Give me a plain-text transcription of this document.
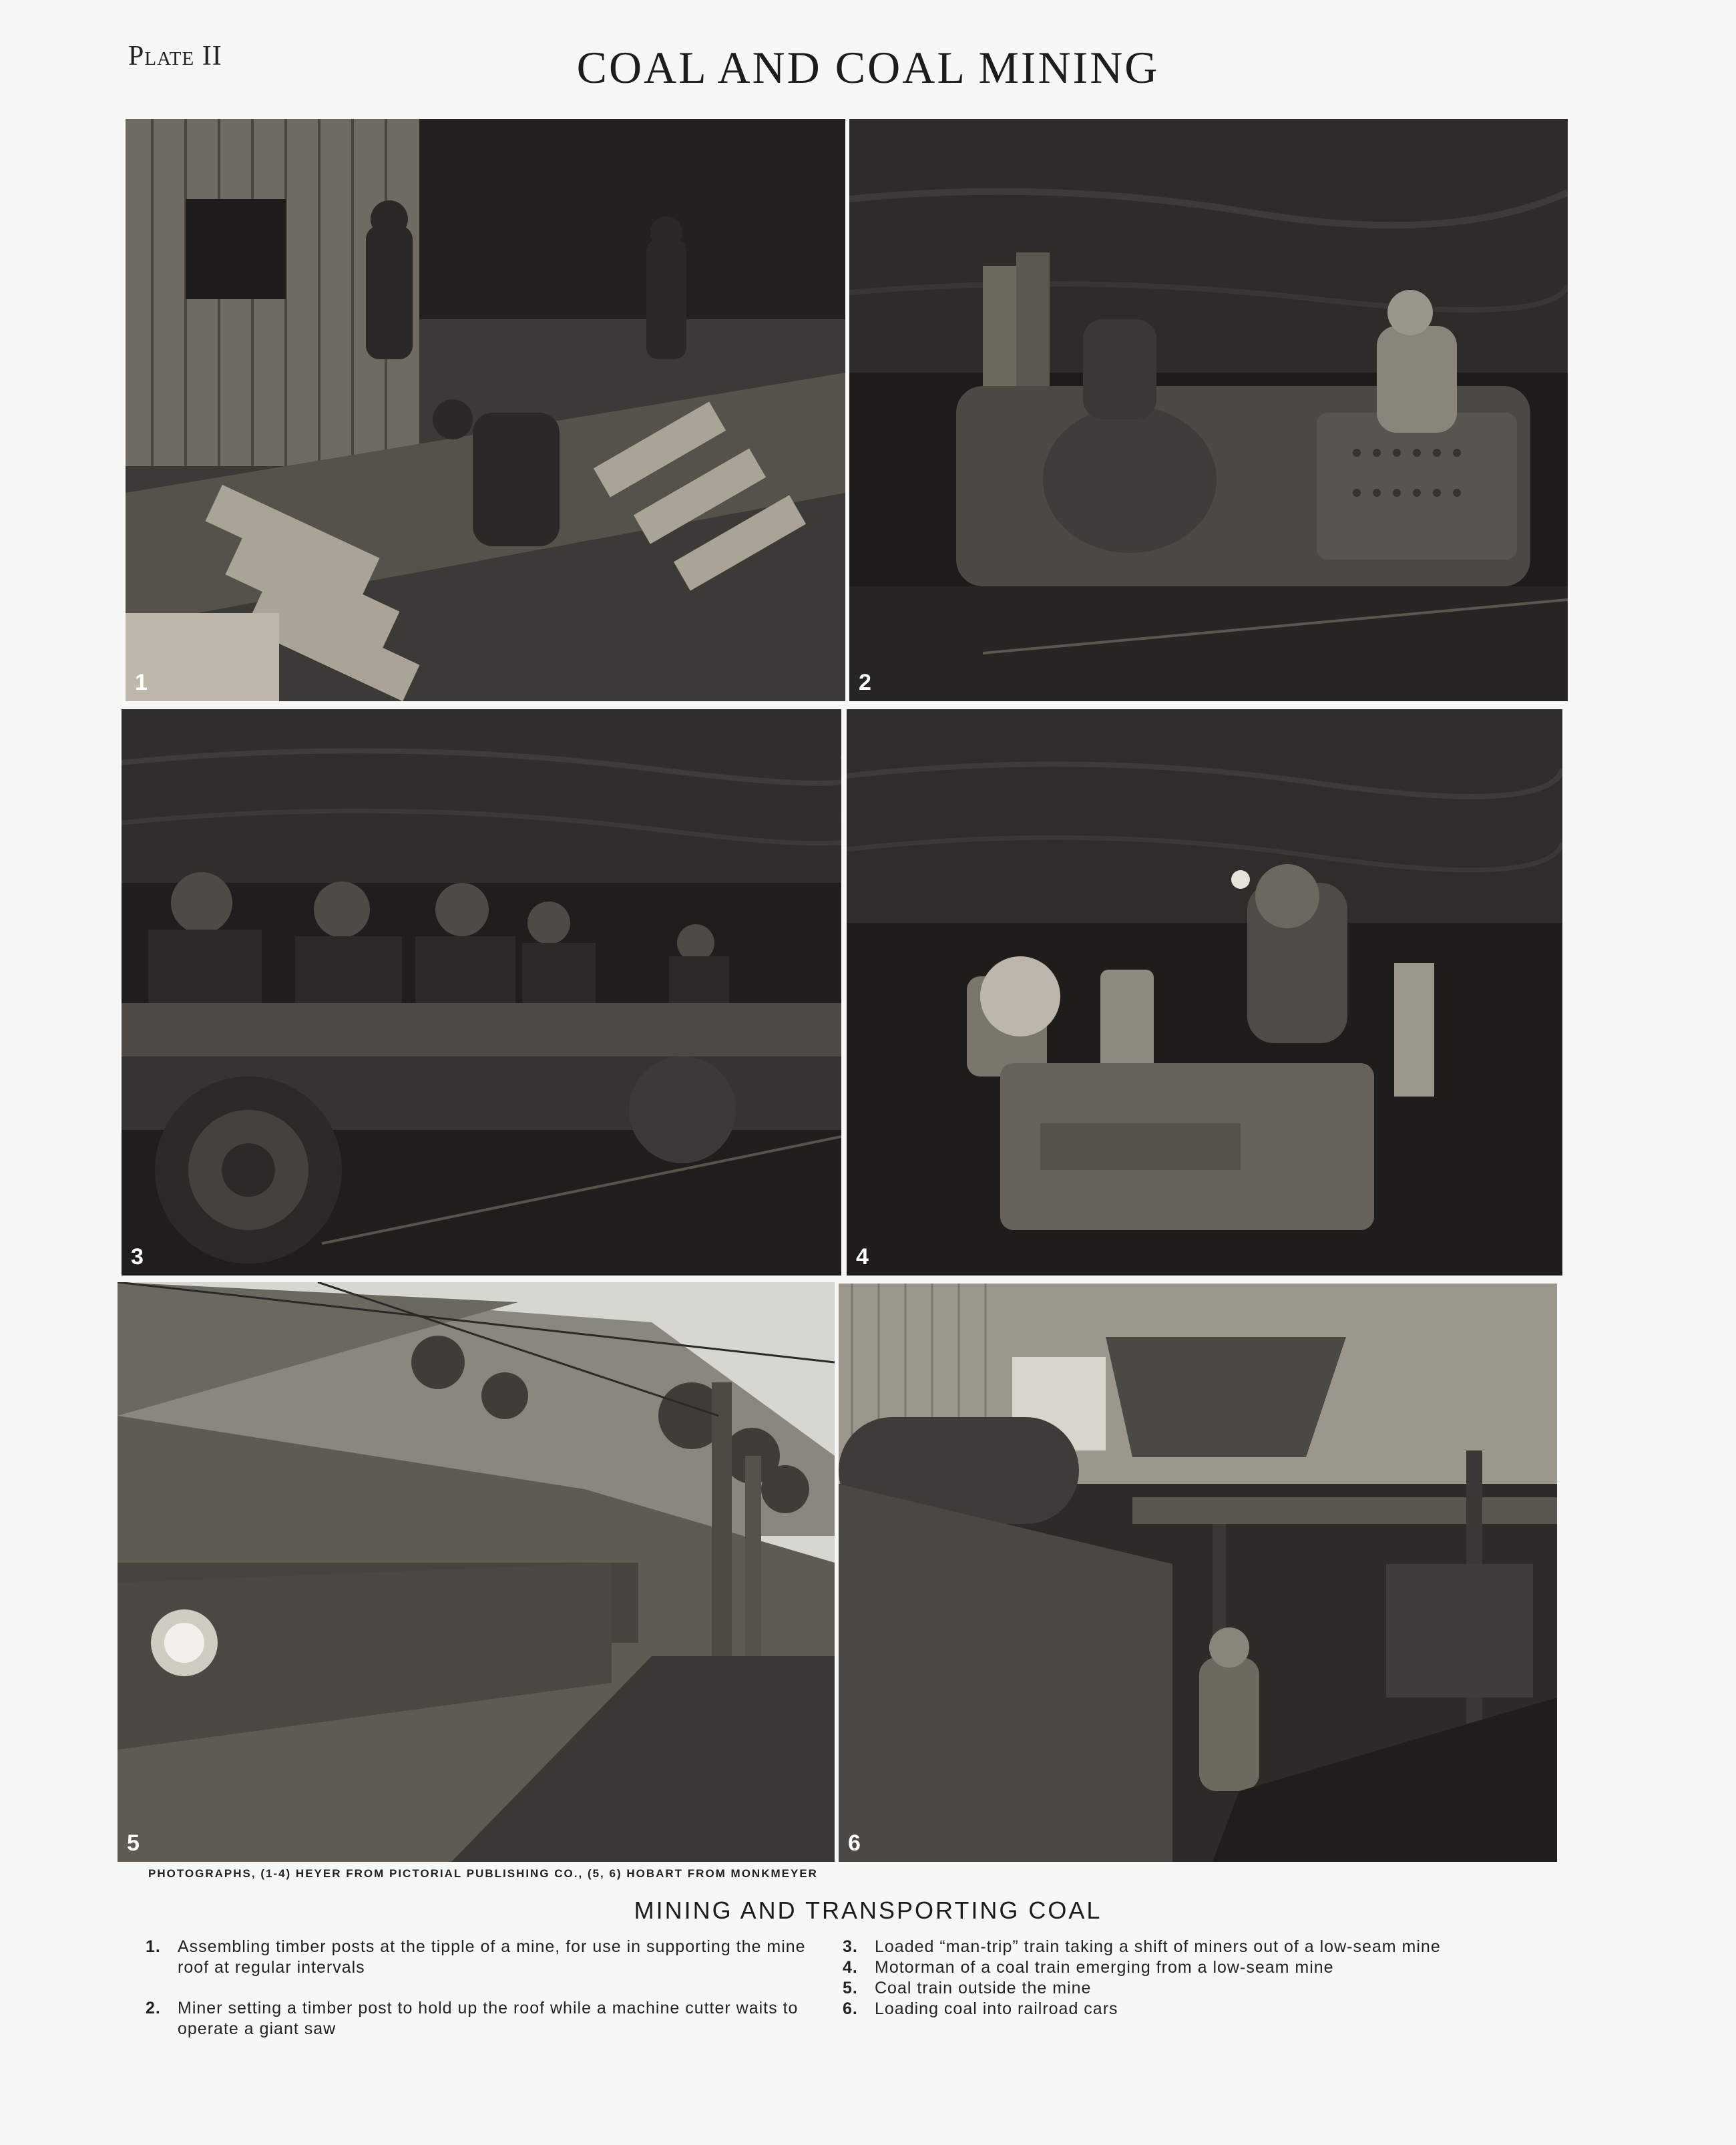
Plate II	COAL AND COAL MINING
1	2
3	4
5	6
PHOTOGRAPHS, (1-4) HEYER FROM PICTORIAL PUBLISHING CO., (5, 6) HOBART FROM MONKMEYER
MINING AND TRANSPORTING COAL
1. Assembling timber posts at the tipple of a mine, for use in supporting the mine roof at regular intervals
2. Miner setting a timber post to hold up the roof while a machine cutter waits to operate a giant saw
3. Loaded “man-trip” train taking a shift of miners out of a low-seam mine
4. Motorman of a coal train emerging from a low-seam mine
5. Coal train outside the mine
6. Loading coal into railroad cars
